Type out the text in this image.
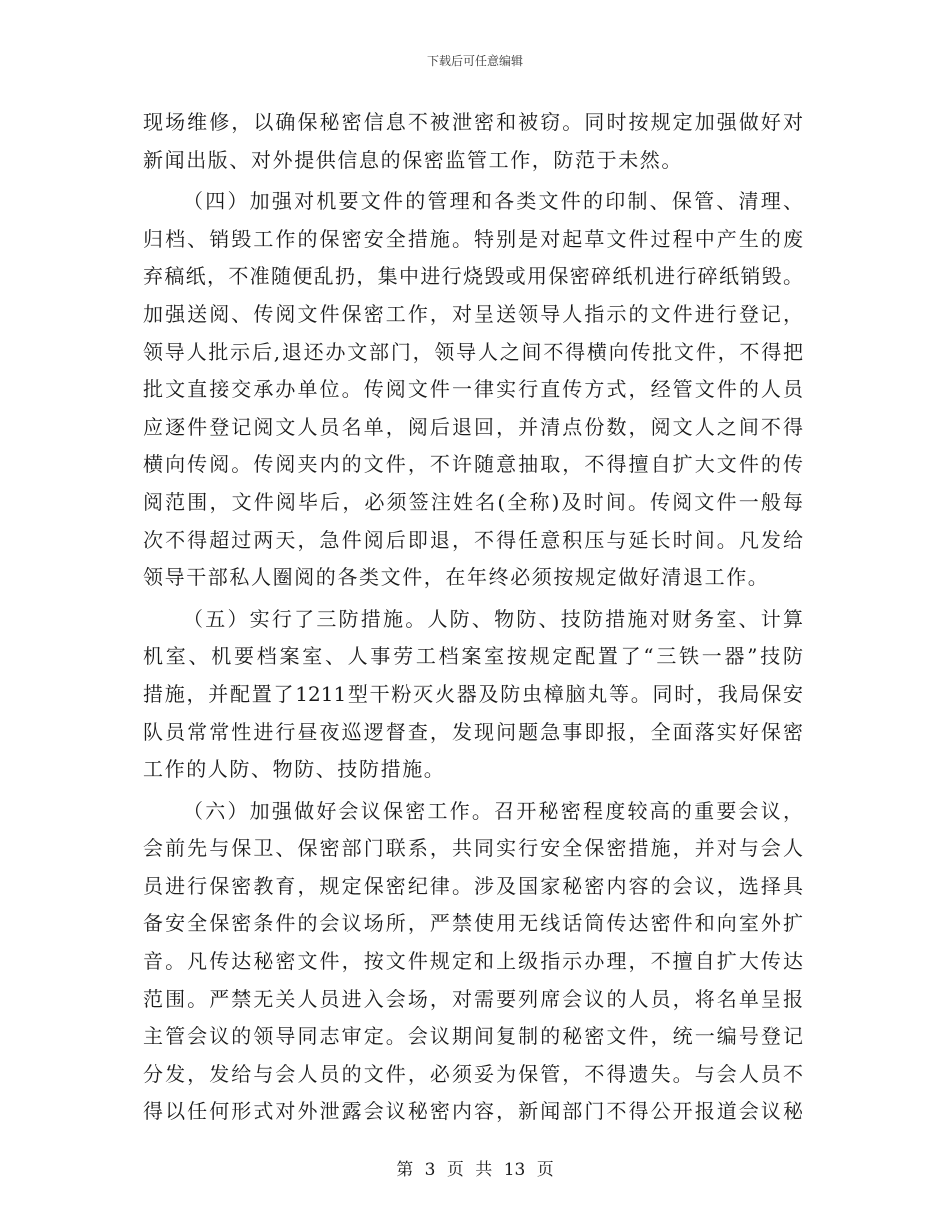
下载后可任意编辑
现场维修，以确保秘密信息不被泄密和被窃。同时按规定加强做好对
新闻出版、对外提供信息的保密监管工作，防范于未然。
（四）加强对机要文件的管理和各类文件的印制、保管、清理、
归档、销毁工作的保密安全措施。特别是对起草文件过程中产生的废
弃稿纸，不准随便乱扔，集中进行烧毁或用保密碎纸机进行碎纸销毁。
加强送阅、传阅文件保密工作，对呈送领导人指示的文件进行登记，
领导人批示后,退还办文部门，领导人之间不得横向传批文件，不得把
批文直接交承办单位。传阅文件一律实行直传方式，经管文件的人员
应逐件登记阅文人员名单，阅后退回，并清点份数，阅文人之间不得
横向传阅。传阅夹内的文件，不许随意抽取，不得擅自扩大文件的传
阅范围，文件阅毕后，必须签注姓名(全称)及时间。传阅文件一般每
次不得超过两天，急件阅后即退，不得任意积压与延长时间。凡发给
领导干部私人圈阅的各类文件，在年终必须按规定做好清退工作。
（五）实行了三防措施。人防、物防、技防措施对财务室、计算
机室、机要档案室、人事劳工档案室按规定配置了“三铁一器”技防
措施，并配置了1211型干粉灭火器及防虫樟脑丸等。同时，我局保安
队员常常性进行昼夜巡逻督查，发现问题急事即报，全面落实好保密
工作的人防、物防、技防措施。
（六）加强做好会议保密工作。召开秘密程度较高的重要会议，
会前先与保卫、保密部门联系，共同实行安全保密措施，并对与会人
员进行保密教育，规定保密纪律。涉及国家秘密内容的会议，选择具
备安全保密条件的会议场所，严禁使用无线话筒传达密件和向室外扩
音。凡传达秘密文件，按文件规定和上级指示办理，不擅自扩大传达
范围。严禁无关人员进入会场，对需要列席会议的人员，将名单呈报
主管会议的领导同志审定。会议期间复制的秘密文件，统一编号登记
分发，发给与会人员的文件，必须妥为保管，不得遗失。与会人员不
得以任何形式对外泄露会议秘密内容，新闻部门不得公开报道会议秘
第 3 页 共 13 页
